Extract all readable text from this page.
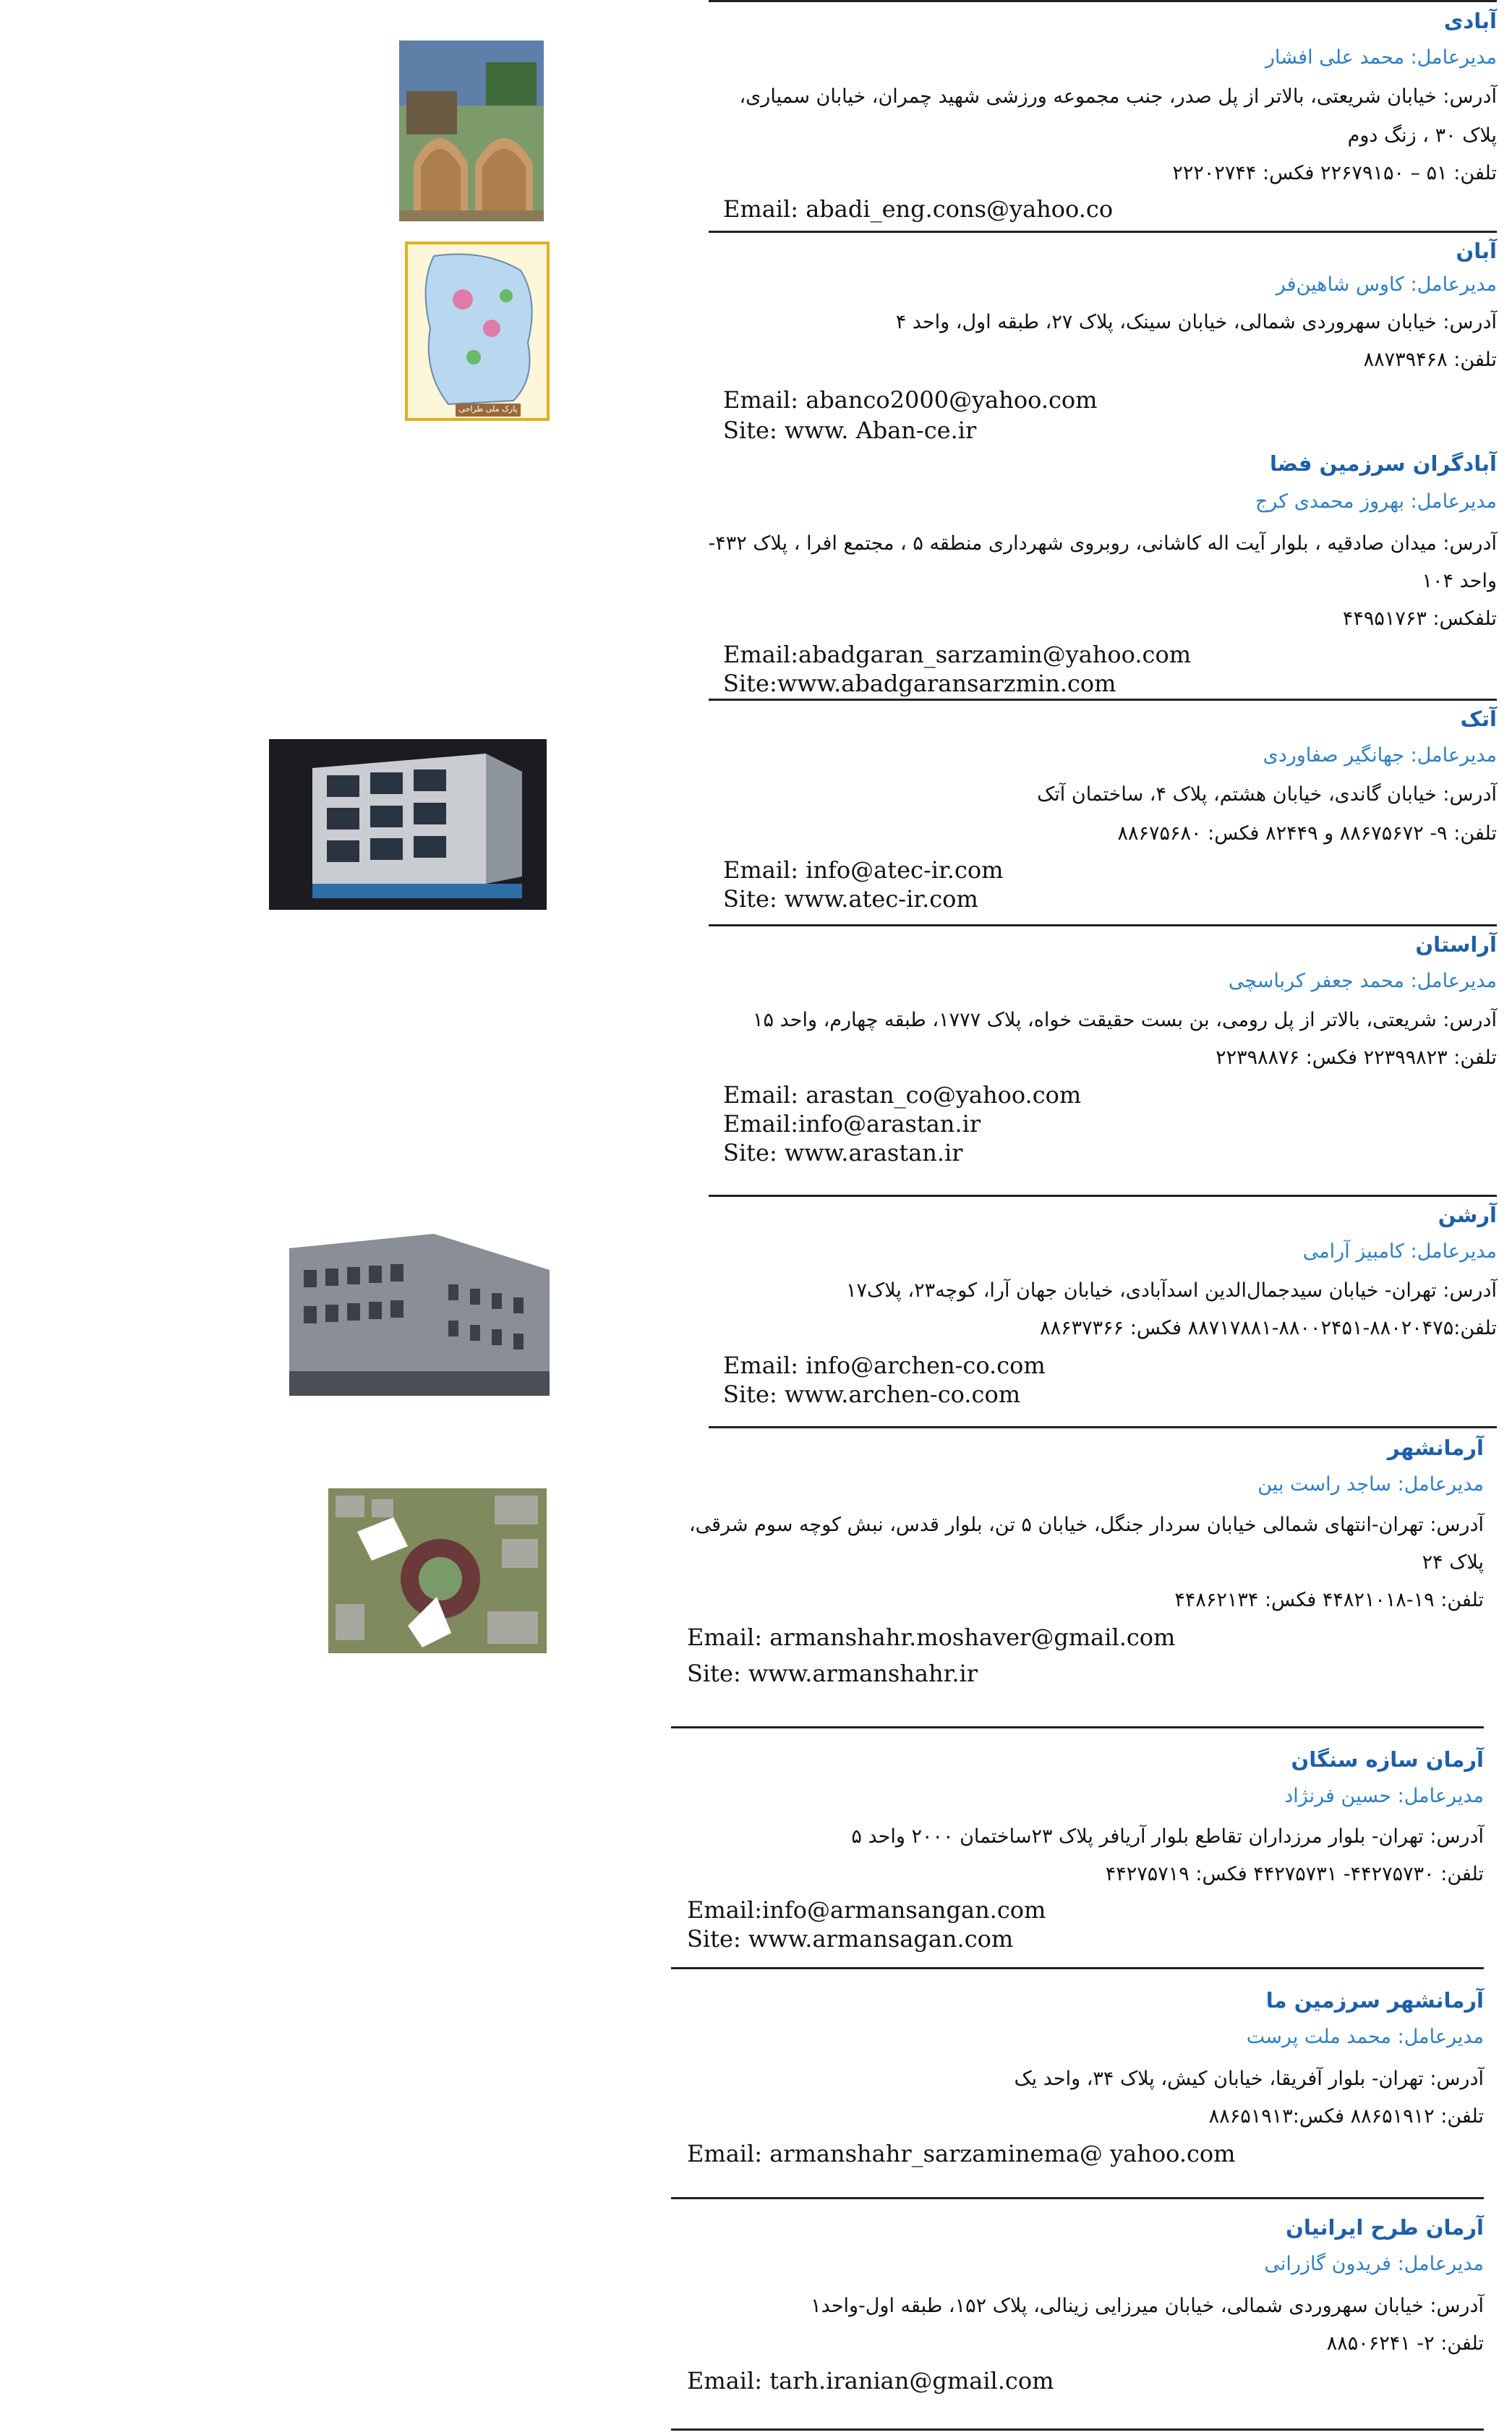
آبادی
مدیرعامل: محمد علی افشار
آدرس: خیابان شریعتی، بالاتر از پل صدر، جنب مجموعه ورزشی شهید چمران، خیابان سمیاری،
پلاک ۳۰ ، زنگ دوم
تلفن: ۵۱ – ۲۲۶۷۹۱۵۰ فکس: ۲۲۲۰۲۷۴۴
Email: abadi_eng.cons@yahoo.co
آبان
مدیرعامل: کاوس شاهین‌فر
آدرس: خیابان سهروردی شمالی، خیابان سینک، پلاک ۲۷، طبقه اول، واحد ۴
تلفن: ۸۸۷۳۹۴۶۸
Email: abanco2000@yahoo.com
Site: www. Aban-ce.ir
پارک ملی طراحی
آبادگران سرزمین فضا
مدیرعامل: بهروز محمدی کرج
آدرس: میدان صادقیه ، بلوار آیت اله کاشانی، روبروی شهرداری منطقه ۵ ، مجتمع افرا ، پلاک ۴۳۲-
واحد ۱۰۴
تلفکس: ۴۴۹۵۱۷۶۳
Email:abadgaran_sarzamin@yahoo.com
Site:www.abadgaransarzmin.com
آتک
مدیرعامل: جهانگیر صفاوردی
آدرس: خیابان گاندی، خیابان هشتم، پلاک ۴، ساختمان آتک
تلفن: ۹- ۸۸۶۷۵۶۷۲ و ۸۲۴۴۹ فکس: ۸۸۶۷۵۶۸۰
Email: info@atec-ir.com
Site: www.atec-ir.com
آراستان
مدیرعامل: محمد جعفر کرباسچی
آدرس: شریعتی، بالاتر از پل رومی، بن بست حقیقت خواه، پلاک ۱۷۷۷، طبقه چهارم، واحد ۱۵
تلفن: ۲۲۳۹۹۸۲۳ فکس: ۲۲۳۹۸۸۷۶
Email: arastan_co@yahoo.com
Email:info@arastan.ir
Site: www.arastan.ir
آرشن
مدیرعامل: کامبیز آرامی
آدرس: تهران- خیابان سیدجمال‌الدین اسدآبادی، خیابان جهان آرا، کوچه۲۳، پلاک۱۷
تلفن:۸۸۰۲۰۴۷۵-۸۸۰۰۲۴۵۱-۸۸۷۱۷۸۸۱ فکس: ۸۸۶۳۷۳۶۶
Email: info@archen-co.com
Site: www.archen-co.com
آرمانشهر
مدیرعامل: ساجد راست بین
آدرس: تهران-انتهای شمالی خیابان سردار جنگل، خیابان ۵ تن، بلوار قدس، نبش کوچه سوم شرقی،
پلاک ۲۴
تلفن: ۱۹-۴۴۸۲۱۰۱۸ فکس: ۴۴۸۶۲۱۳۴
Email: armanshahr.moshaver@gmail.com
Site: www.armanshahr.ir
آرمان سازه سنگان
مدیرعامل: حسین فرنژاد
آدرس: تهران- بلوار مرزداران تقاطع بلوار آریافر پلاک ۲۳ساختمان ۲۰۰۰ واحد ۵
تلفن: ۴۴۲۷۵۷۳۰- ۴۴۲۷۵۷۳۱ فکس: ۴۴۲۷۵۷۱۹
Email:info@armansangan.com
Site: www.armansagan.com
آرمانشهر سرزمین ما
مدیرعامل: محمد ملت پرست
آدرس: تهران- بلوار آفریقا، خیابان کیش، پلاک ۳۴، واحد یک
تلفن: ۸۸۶۵۱۹۱۲ فکس:۸۸۶۵۱۹۱۳
Email: armanshahr_sarzaminema@ yahoo.com
آرمان طرح ایرانیان
مدیرعامل: فریدون گازرانی
آدرس: خیابان سهروردی شمالی، خیابان میرزایی زینالی، پلاک ۱۵۲، طبقه اول-واحد۱
تلفن: ۲- ۸۸۵۰۶۲۴۱
Email: tarh.iranian@gmail.com
